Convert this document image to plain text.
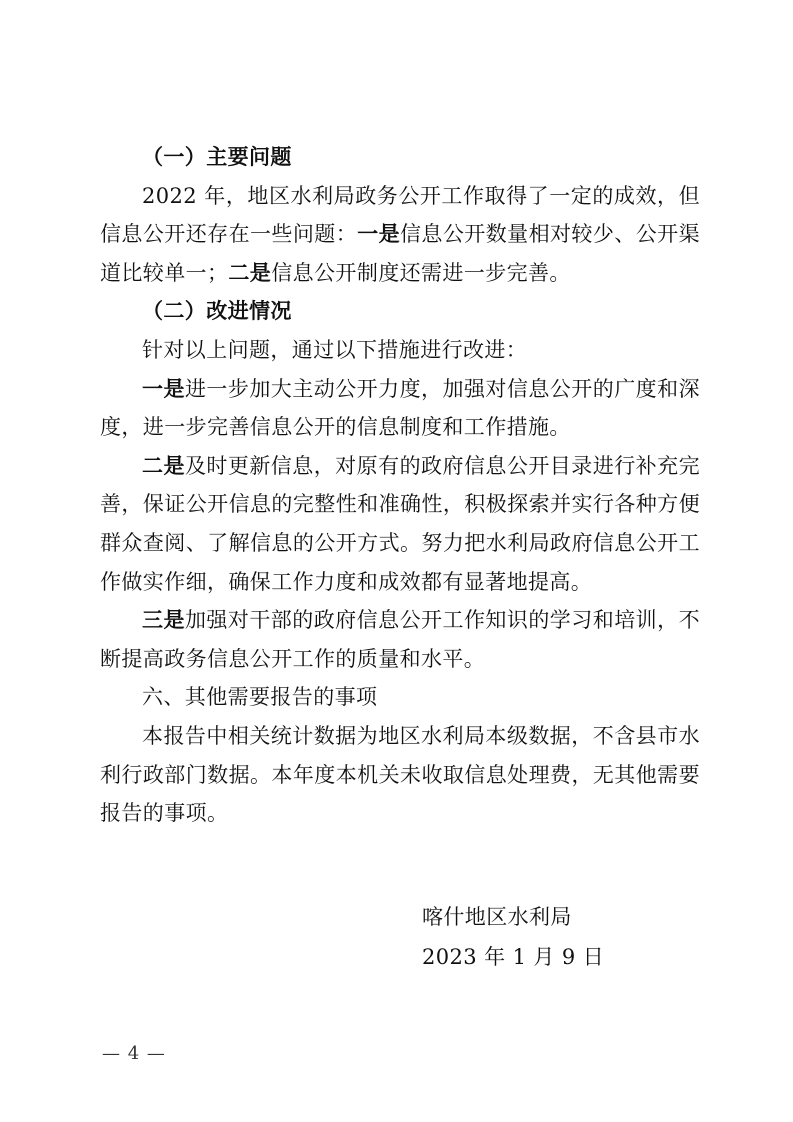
（一）主要问题

2022 年，地区水利局政务公开工作取得了一定的成效，但信息公开还存在一些问题：一是信息公开数量相对较少、公开渠道比较单一；二是信息公开制度还需进一步完善。

（二）改进情况

针对以上问题，通过以下措施进行改进：

一是进一步加大主动公开力度，加强对信息公开的广度和深度，进一步完善信息公开的信息制度和工作措施。

二是及时更新信息，对原有的政府信息公开目录进行补充完善，保证公开信息的完整性和准确性，积极探索并实行各种方便群众查阅、了解信息的公开方式。努力把水利局政府信息公开工作做实作细，确保工作力度和成效都有显著地提高。

三是加强对干部的政府信息公开工作知识的学习和培训，不断提高政务信息公开工作的质量和水平。

六、其他需要报告的事项

本报告中相关统计数据为地区水利局本级数据，不含县市水利行政部门数据。本年度本机关未收取信息处理费，无其他需要报告的事项。

喀什地区水利局
2023 年 1 月 9 日
— 4 —
